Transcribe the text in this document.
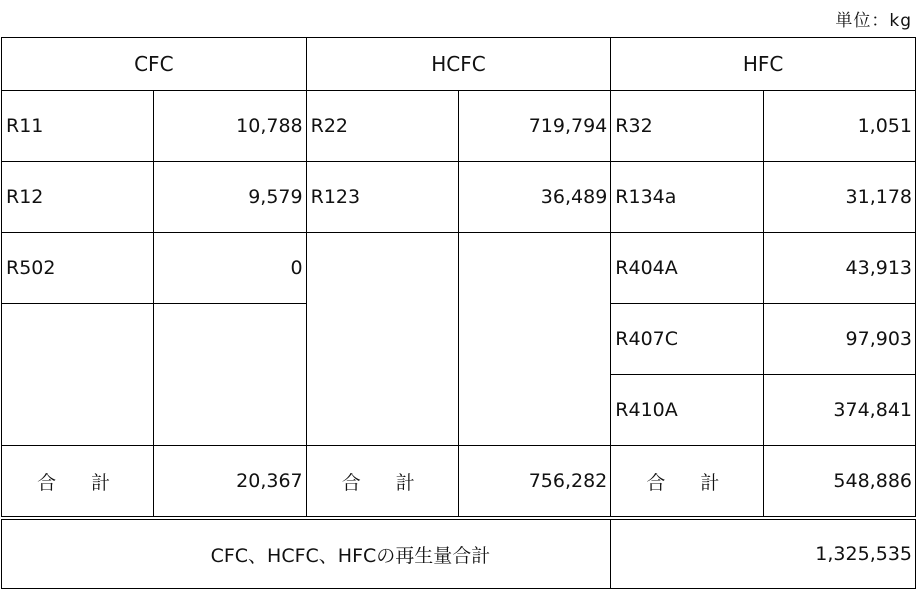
単位：kg
CFC		HCFC		HFC	
R11	10,788	R22	719,794	R32	1,051
R12	9,579	R123	36,489	R134a	31,178
R502	0			R404A	43,913
				R407C	97,903
				R410A	374,841
合　計	20,367	合　計	756,282	合　計	548,886
CFC、HCFC、HFCの再生量合計				1,325,535	
